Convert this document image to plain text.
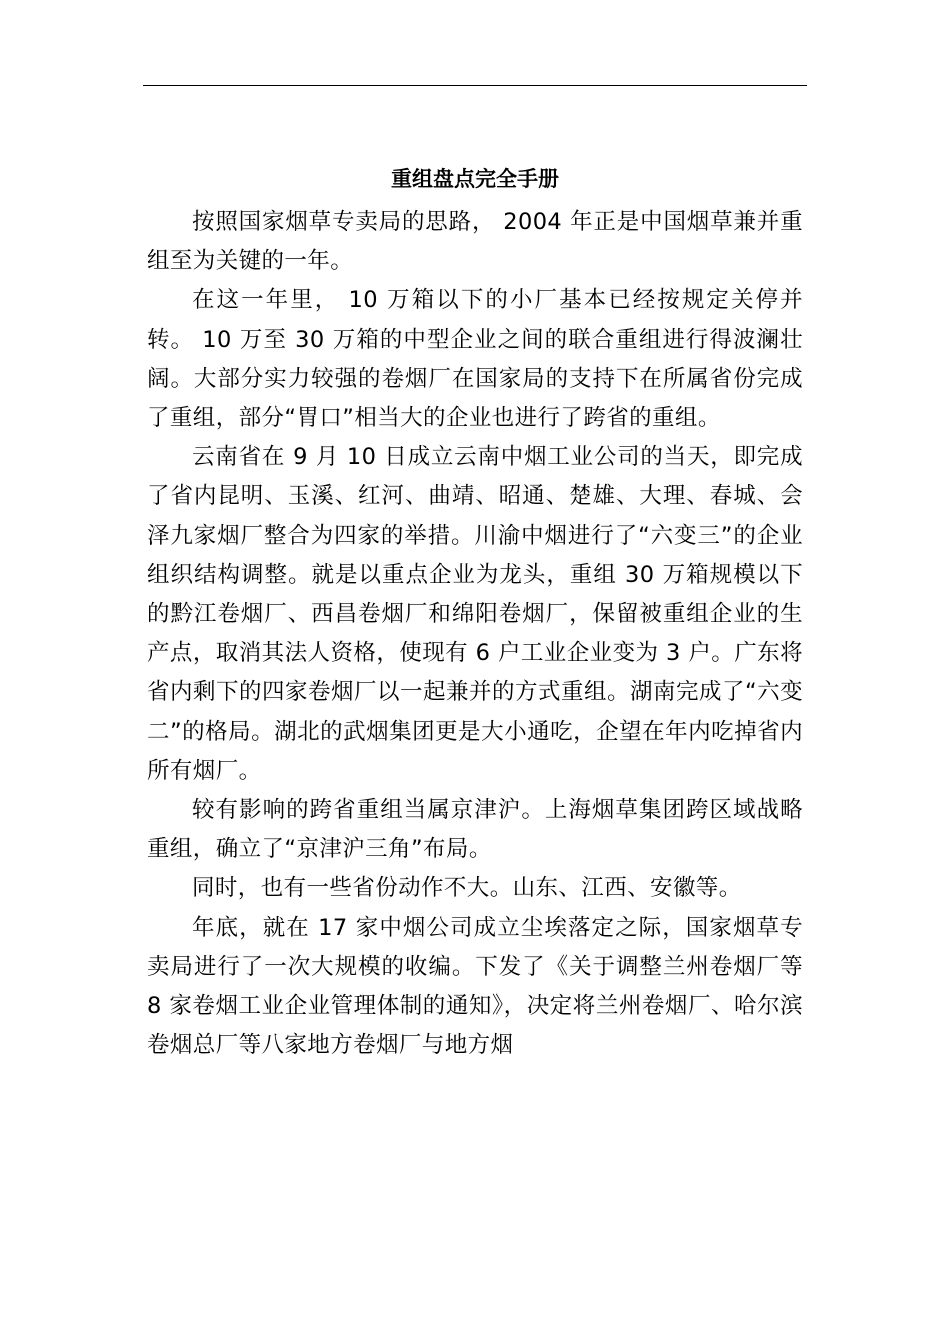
重组盘点完全手册

按照国家烟草专卖局的思路， 2004 年正是中国烟草兼并重组至为关键的一年。

在这一年里， 10 万箱以下的小厂基本已经按规定关停并转。 10 万至 30 万箱的中型企业之间的联合重组进行得波澜壮阔。大部分实力较强的卷烟厂在国家局的支持下在所属省份完成了重组，部分“胃口”相当大的企业也进行了跨省的重组。

云南省在 9 月 10 日成立云南中烟工业公司的当天，即完成了省内昆明、玉溪、红河、曲靖、昭通、楚雄、大理、春城、会泽九家烟厂整合为四家的举措。川渝中烟进行了“六变三”的企业组织结构调整。就是以重点企业为龙头，重组 30 万箱规模以下的黔江卷烟厂、西昌卷烟厂和绵阳卷烟厂，保留被重组企业的生产点，取消其法人资格，使现有 6 户工业企业变为 3 户。广东将省内剩下的四家卷烟厂以一起兼并的方式重组。湖南完成了“六变二”的格局。湖北的武烟集团更是大小通吃，企望在年内吃掉省内所有烟厂。

较有影响的跨省重组当属京津沪。上海烟草集团跨区域战略重组，确立了“京津沪三角”布局。

同时，也有一些省份动作不大。山东、江西、安徽等。

年底，就在 17 家中烟公司成立尘埃落定之际，国家烟草专卖局进行了一次大规模的收编。下发了《关于调整兰州卷烟厂等 8 家卷烟工业企业管理体制的通知》，决定将兰州卷烟厂、哈尔滨卷烟总厂等八家地方卷烟厂与地方烟
